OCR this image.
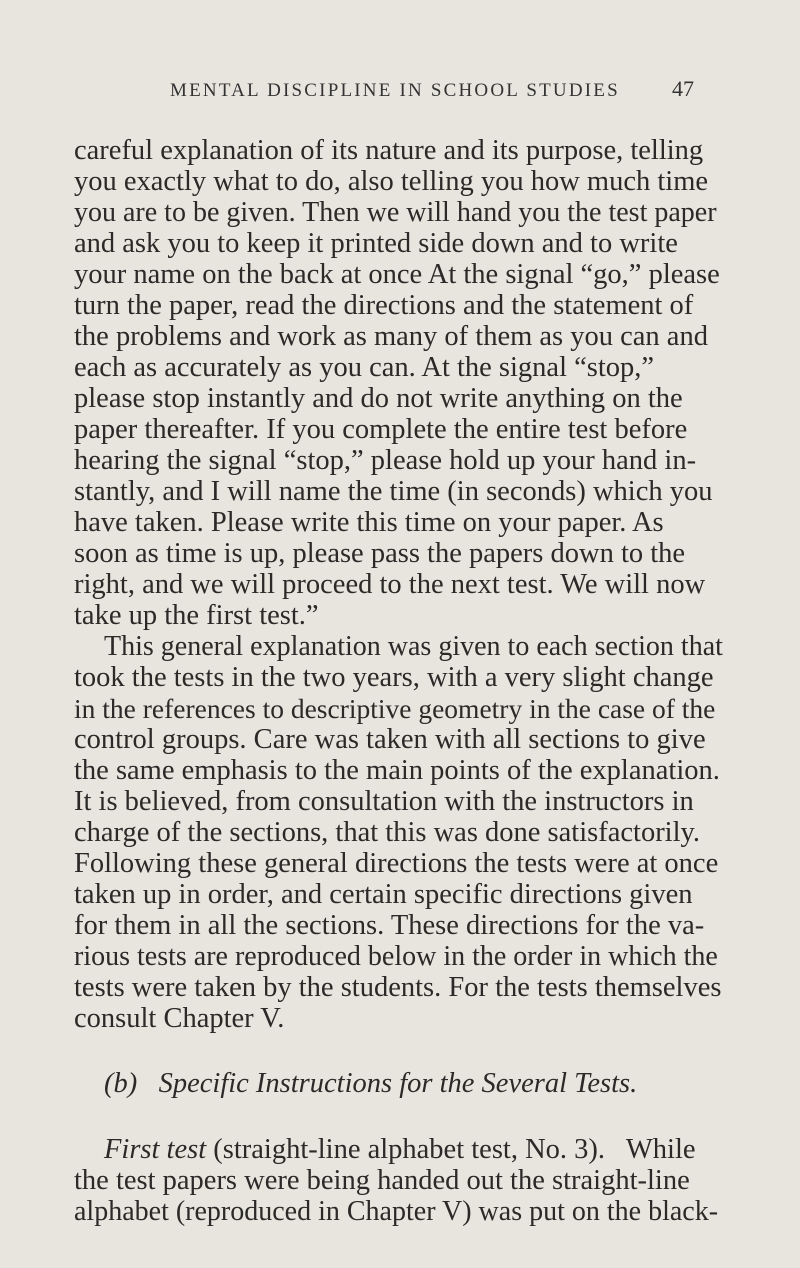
MENTAL DISCIPLINE IN SCHOOL STUDIES 47
careful explanation of its nature and its purpose, telling
you exactly what to do, also telling you how much time
you are to be given. Then we will hand you the test paper
and ask you to keep it printed side down and to write
your name on the back at once At the signal “go,” please
turn the paper, read the directions and the statement of
the problems and work as many of them as you can and
each as accurately as you can. At the signal “stop,”
please stop instantly and do not write anything on the
paper thereafter. If you complete the entire test before
hearing the signal “stop,” please hold up your hand in-
stantly, and I will name the time (in seconds) which you
have taken. Please write this time on your paper. As
soon as time is up, please pass the papers down to the
right, and we will proceed to the next test. We will now
take up the first test.”
This general explanation was given to each section that
took the tests in the two years, with a very slight change
in the references to descriptive geometry in the case of the
control groups. Care was taken with all sections to give
the same emphasis to the main points of the explanation.
It is believed, from consultation with the instructors in
charge of the sections, that this was done satisfactorily.
Following these general directions the tests were at once
taken up in order, and certain specific directions given
for them in all the sections. These directions for the va-
rious tests are reproduced below in the order in which the
tests were taken by the students. For the tests themselves
consult Chapter V.
(b)   Specific Instructions for the Several Tests.
First test (straight-line alphabet test, No. 3).   While
the test papers were being handed out the straight-line
alphabet (reproduced in Chapter V) was put on the black-
